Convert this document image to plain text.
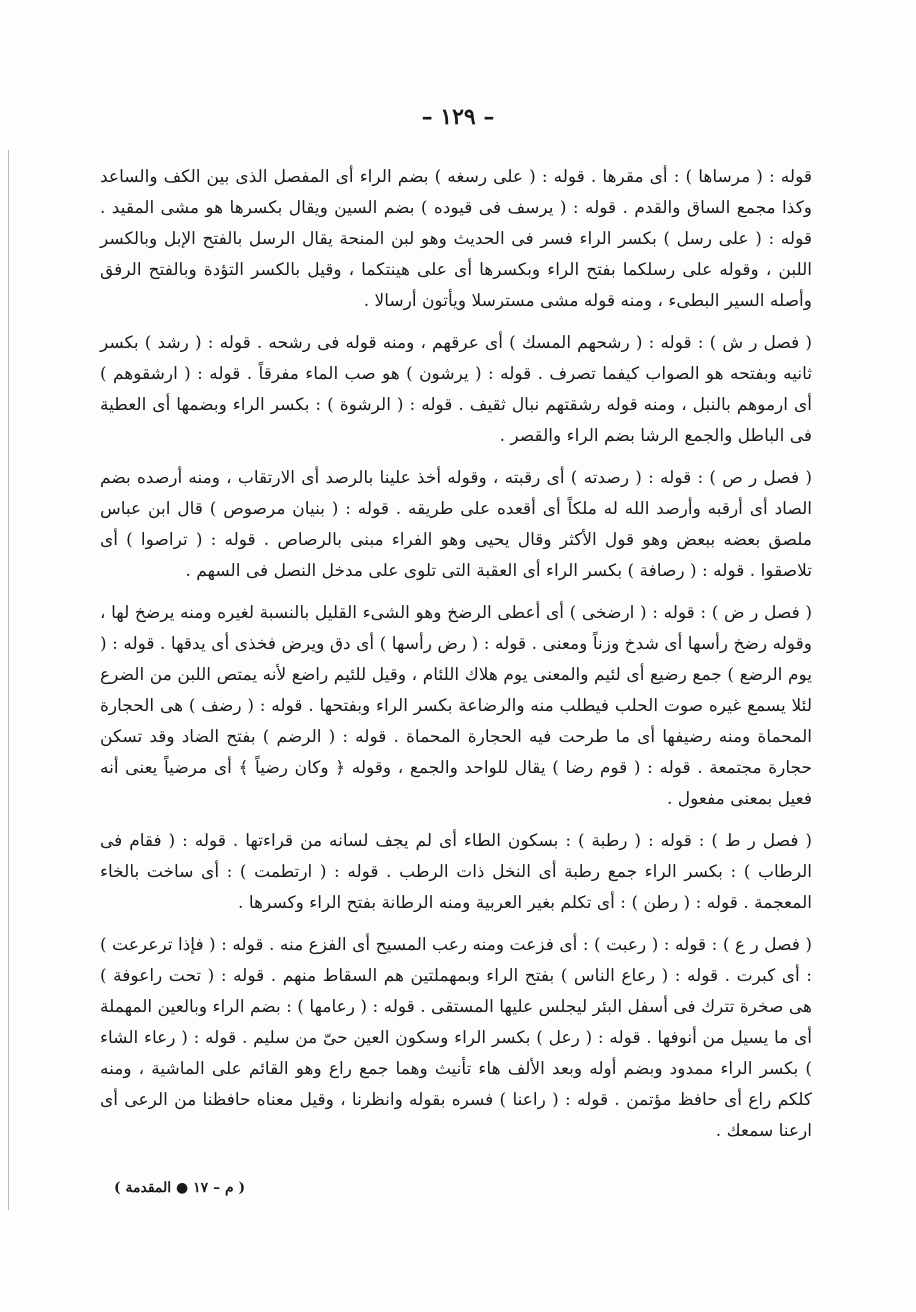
– ١٢٩ –

قوله : ( مرساها ) : أى مقرها . قوله : ( على رسغه ) بضم الراء أى المفصل الذى بين الكف والساعد وكذا مجمع الساق والقدم . قوله : ( يرسف فى قيوده ) بضم السين ويقال بكسرها هو مشى المقيد . قوله : ( على رسل ) بكسر الراء فسر فى الحديث وهو لبن المنحة يقال الرسل بالفتح الإبل وبالكسر اللبن ، وقوله على رسلكما بفتح الراء وبكسرها أى على هينتكما ، وقيل بالكسر التؤدة وبالفتح الرفق وأصله السير البطىء ، ومنه قوله مشى مسترسلا ويأتون أرسالا .

( فصل ر ش ) : قوله : ( رشحهم المسك ) أى عرقهم ، ومنه قوله فى رشحه . قوله : ( رشد ) بكسر ثانيه وبفتحه هو الصواب كيفما تصرف . قوله : ( يرشون ) هو صب الماء مفرقاً . قوله : ( ارشقوهم ) أى ارموهم بالنبل ، ومنه قوله رشقتهم نبال ثقيف . قوله : ( الرشوة ) : بكسر الراء وبضمها أى العطية فى الباطل والجمع الرشا بضم الراء والقصر .

( فصل ر ص ) : قوله : ( رصدته ) أى رقبته ، وقوله أخذ علينا بالرصد أى الارتقاب ، ومنه أرصده بضم الصاد أى أرقبه وأرصد الله له ملكاً أى أقعده على طريقه . قوله : ( بنيان مرصوص ) قال ابن عباس ملصق بعضه ببعض وهو قول الأكثر وقال يحيى وهو الفراء مبنى بالرصاص . قوله : ( تراصوا ) أى تلاصقوا . قوله : ( رصافة ) بكسر الراء أى العقبة التى تلوى على مدخل النصل فى السهم .

( فصل ر ض ) : قوله : ( ارضخى ) أى أعطى الرضخ وهو الشىء القليل بالنسبة لغيره ومنه يرضخ لها ، وقوله رضخ رأسها أى شدخ وزناً ومعنى . قوله : ( رض رأسها ) أى دق ويرض فخذى أى يدقها . قوله : ( يوم الرضع ) جمع رضيع أى لئيم والمعنى يوم هلاك اللئام ، وقيل للئيم راضع لأنه يمتص اللبن من الضرع لئلا يسمع غيره صوت الحلب فيطلب منه والرضاعة بكسر الراء وبفتحها . قوله : ( رضف ) هى الحجارة المحماة ومنه رضيفها أى ما طرحت فيه الحجارة المحماة . قوله : ( الرضم ) بفتح الضاد وقد تسكن حجارة مجتمعة . قوله : ( قوم رضا ) يقال للواحد والجمع ، وقوله ﴿ وكان رضياً ﴾ أى مرضياً يعنى أنه فعيل بمعنى مفعول .

( فصل ر ط ) : قوله : ( رطبة ) : بسكون الطاء أى لم يجف لسانه من قراءتها . قوله : ( فقام فى الرطاب ) : بكسر الراء جمع رطبة أى النخل ذات الرطب . قوله : ( ارتطمت ) : أى ساخت بالخاء المعجمة . قوله : ( رطن ) : أى تكلم بغير العربية ومنه الرطانة بفتح الراء وكسرها .

( فصل ر ع ) : قوله : ( رعبت ) : أى فزعت ومنه رعب المسيح أى الفزع منه . قوله : ( فإذا ترعرعت ) : أى كبرت . قوله : ( رعاع الناس ) بفتح الراء وبمهملتين هم السقاط منهم . قوله : ( تحت راعوفة ) هى صخرة تترك فى أسفل البئر ليجلس عليها المستقى . قوله : ( رعامها ) : بضم الراء وبالعين المهملة أى ما يسيل من أنوفها . قوله : ( رعل ) بكسر الراء وسكون العين حىّ من سليم . قوله : ( رعاء الشاء ) بكسر الراء ممدود وبضم أوله وبعد الألف هاء تأنيث وهما جمع راع وهو القائم على الماشية ، ومنه كلكم راع أى حافظ مؤتمن . قوله : ( راعنا ) فسره بقوله وانظرنا ، وقيل معناه حافظنا من الرعى أى ارعنا سمعك .

( م – ١٧ ● المقدمة )
